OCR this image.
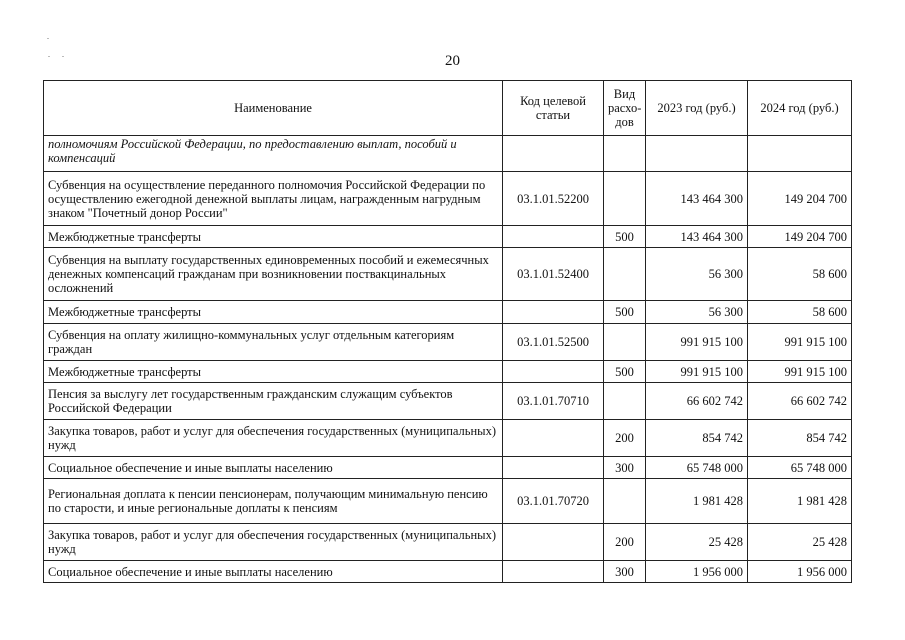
20
Наименование	Код целевой статьи	Вид расхо-дов	2023 год (руб.)	2024 год (руб.)
полномочиям Российской Федерации, по предоставлению выплат, пособий и компенсаций				
Субвенция на осуществление переданного полномочия Российской Федерации по осуществлению ежегодной денежной выплаты лицам, награжденным нагрудным знаком "Почетный донор России"	03.1.01.52200		143 464 300	149 204 700
Межбюджетные трансферты		500	143 464 300	149 204 700
Субвенция на выплату государственных единовременных пособий и ежемесячных денежных компенсаций гражданам при возникновении поствакцинальных осложнений	03.1.01.52400		56 300	58 600
Межбюджетные трансферты		500	56 300	58 600
Субвенция на оплату жилищно-коммунальных услуг отдельным категориям граждан	03.1.01.52500		991 915 100	991 915 100
Межбюджетные трансферты		500	991 915 100	991 915 100
Пенсия за выслугу лет государственным гражданским служащим субъектов Российской Федерации	03.1.01.70710		66 602 742	66 602 742
Закупка товаров, работ и услуг для обеспечения государственных (муниципальных) нужд		200	854 742	854 742
Социальное обеспечение и иные выплаты населению		300	65 748 000	65 748 000
Региональная доплата к пенсии пенсионерам, получающим минимальную пенсию по старости, и иные региональные доплаты к пенсиям	03.1.01.70720		1 981 428	1 981 428
Закупка товаров, работ и услуг для обеспечения государственных (муниципальных) нужд		200	25 428	25 428
Социальное обеспечение и иные выплаты населению		300	1 956 000	1 956 000
